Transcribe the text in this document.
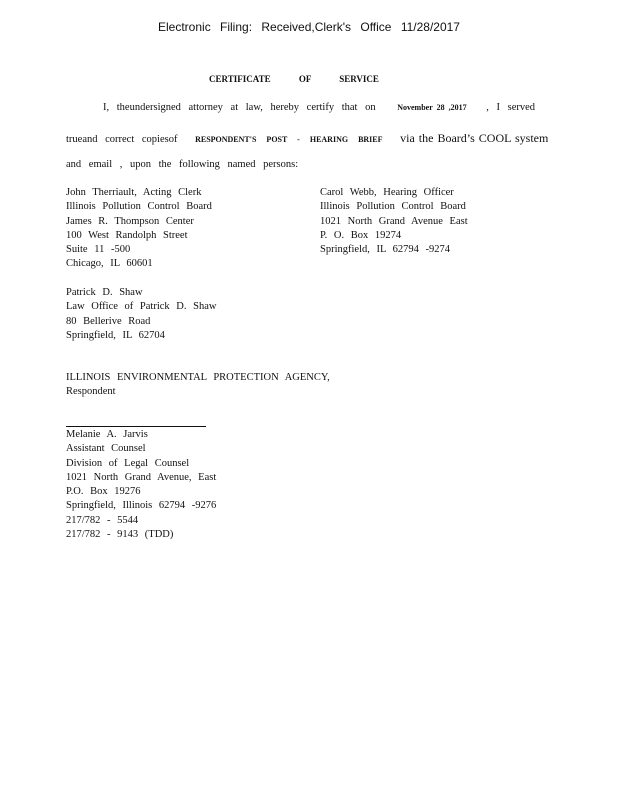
Electronic Filing: Received,Clerk's Office 11/28/2017
CERTIFICATE OF SERVICE
I, theundersigned attorney at law, hereby certify that on	November 28 ,2017 , I served
trueand correct copiesof RESPONDENT'S POST - HEARING BRIEF via the Board’s COOL system
and email , upon the following named persons:
John Therriault, Acting Clerk
Illinois Pollution Control Board
James R. Thompson Center
100 West Randolph Street
Suite 11 -500
Chicago, IL 60601
Carol Webb, Hearing Officer
Illinois Pollution Control Board
1021 North Grand Avenue East
P. O. Box 19274
Springfield, IL 62794 -9274
Patrick D. Shaw
Law Office of Patrick D. Shaw
80 Bellerive Road
Springfield, IL 62704
ILLINOIS ENVIRONMENTAL PROTECTION AGENCY,
Respondent
Melanie A. Jarvis
Assistant Counsel
Division of Legal Counsel
1021 North Grand Avenue, East
P.O. Box 19276
Springfield, Illinois 62794 -9276
217/782 - 5544
217/782 - 9143 (TDD)
